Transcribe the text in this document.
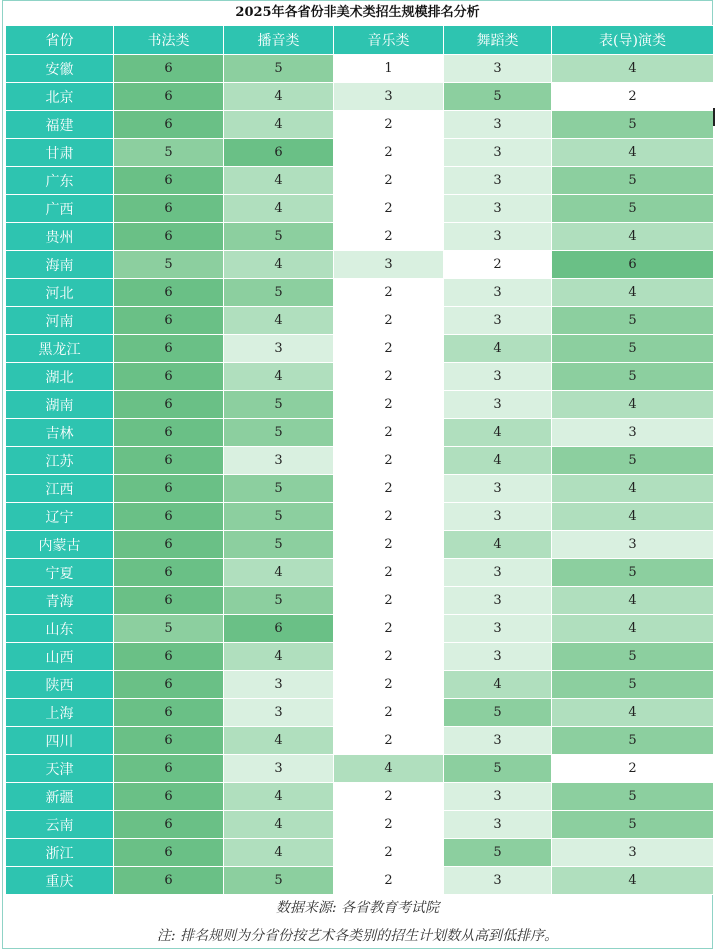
2025年各省份非美术类招生规模排名分析
省份	书法类	播音类	音乐类	舞蹈类	表(导)演类
安徽	6	5	1	3	4
北京	6	4	3	5	2
福建	6	4	2	3	5
甘肃	5	6	2	3	4
广东	6	4	2	3	5
广西	6	4	2	3	5
贵州	6	5	2	3	4
海南	5	4	3	2	6
河北	6	5	2	3	4
河南	6	4	2	3	5
黑龙江	6	3	2	4	5
湖北	6	4	2	3	5
湖南	6	5	2	3	4
吉林	6	5	2	4	3
江苏	6	3	2	4	5
江西	6	5	2	3	4
辽宁	6	5	2	3	4
内蒙古	6	5	2	4	3
宁夏	6	4	2	3	5
青海	6	5	2	3	4
山东	5	6	2	3	4
山西	6	4	2	3	5
陕西	6	3	2	4	5
上海	6	3	2	5	4
四川	6	4	2	3	5
天津	6	3	4	5	2
新疆	6	4	2	3	5
云南	6	4	2	3	5
浙江	6	4	2	5	3
重庆	6	5	2	3	4
数据来源: 各省教育考试院
注: 排名规则为分省份按艺术各类别的招生计划数从高到低排序。
